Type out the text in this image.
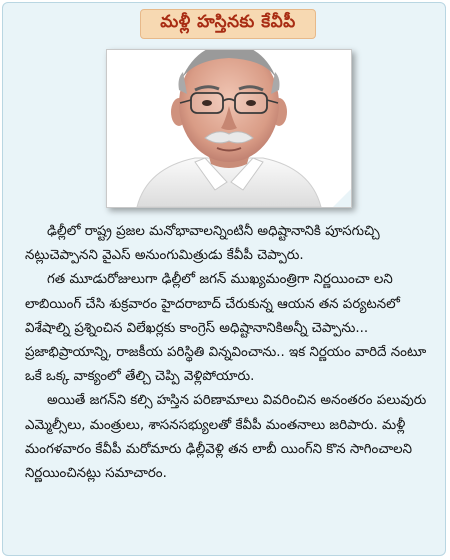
మళ్లీ హస్తినకు కేవీపీ

ఢిల్లీలో రాష్ట్ర ప్రజల మనోభావాలన్నింటినీ అధిష్టానానికి పూసగుచ్చి నట్లుచెప్పానని వైఎస్ అనుంగుమిత్రుడు కేవీపీ చెప్పారు.

గత మూడురోజులుగా ఢిల్లీలో జగన్ ముఖ్యమంత్రిగా నిర్ణయించా లని లాబియింగ్ చేసి శుక్రవారం హైదరాబాద్ చేరుకున్న ఆయన తన పర్యటనలో విశేషాల్ని ప్రశ్నించిన విలేఖర్లకు కాంగ్రెస్ అధిష్టానానికిఅన్నీ చెప్పాను... ప్రజాభిప్రాయాన్ని, రాజకీయ పరిస్థితి విన్నవించాను.. ఇక నిర్ణయం వారిదే నంటూ ఒకే ఒక్క వాక్యంలో తేల్చి చెప్పి వెళ్లిపోయారు.

అయితే జగన్‌ని కల్సి హస్తిన పరిణామాలు వివరించిన అనంతరం పలువురు ఎమ్మెల్సీలు, మంత్రులు, శాసనసభ్యులతో కేవీపీ మంతనాలు జరిపారు. మళ్లీ మంగళవారం కేవీపీ మరోమారు ఢిల్లీవెళ్లి తన లాబీ యింగ్‌ని కొన సాగించాలని నిర్ణయించినట్లు సమాచారం.
